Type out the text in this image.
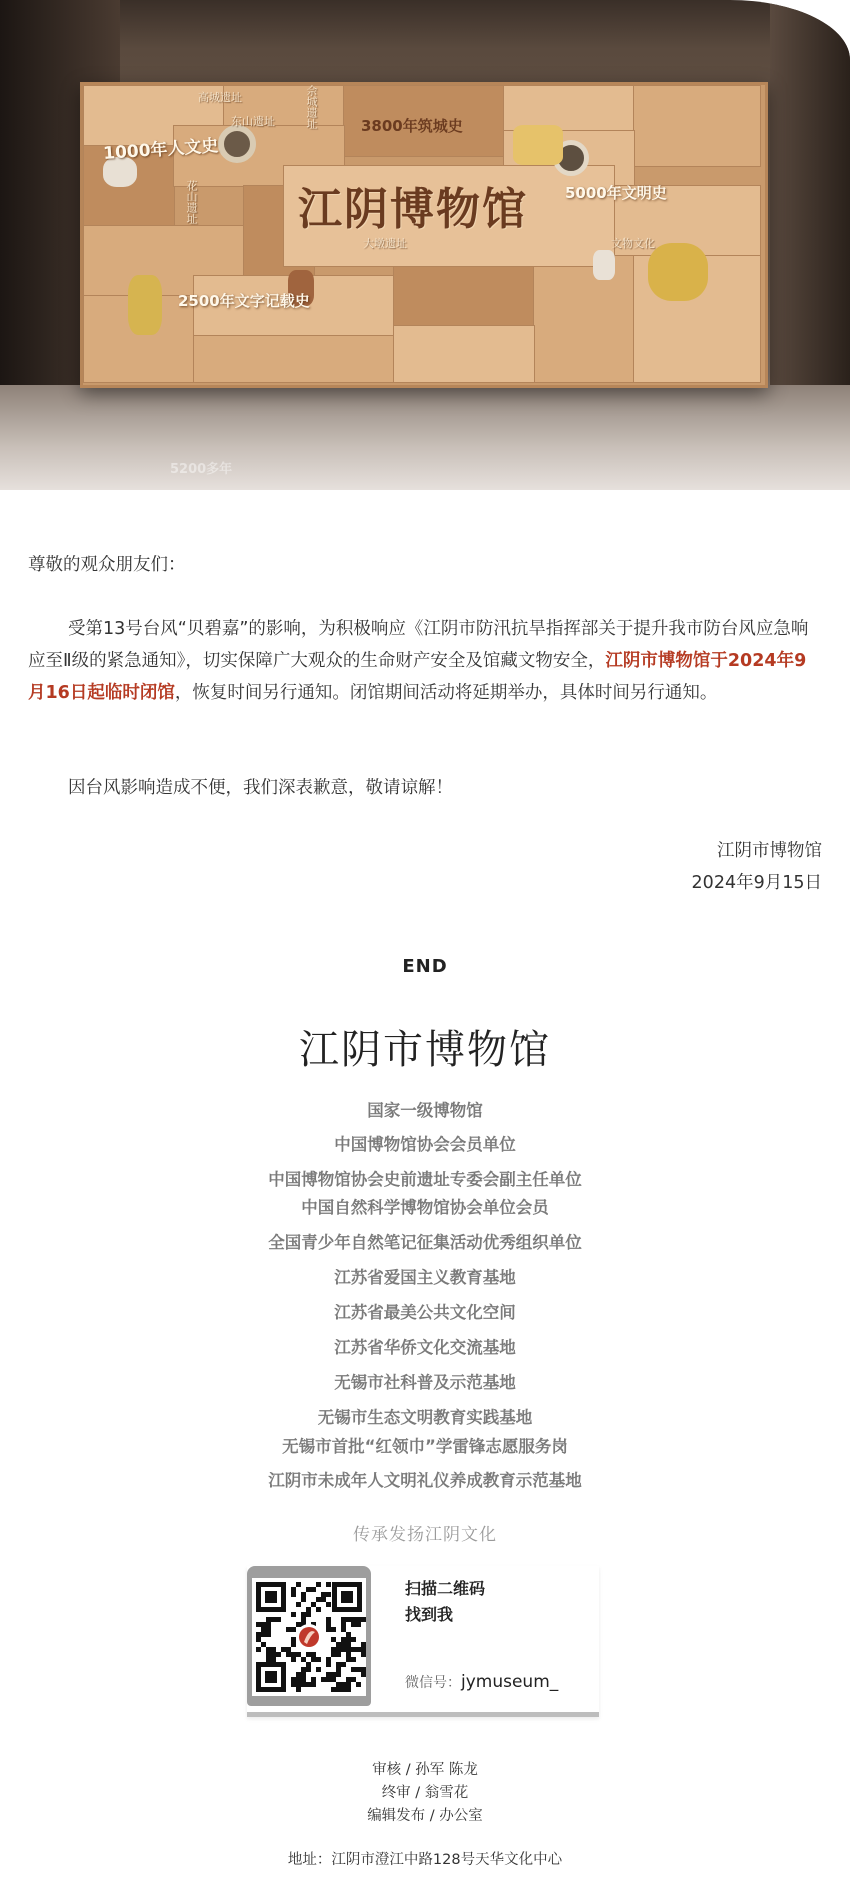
1000年人文史
3800年筑城史
5000年文明史
2500年文字记载史
江阴博物馆
高城遗址
东山遗址	佘城遗址
花山遗址
大墩遗址	文物文化
5200多年
尊敬的观众朋友们：
受第13号台风“贝碧嘉”的影响，为积极响应《江阴市防汛抗旱指挥部关于提升我市防台风应急响应至Ⅱ级的紧急通知》，切实保障广大观众的生命财产安全及馆藏文物安全，江阴市博物馆于2024年9月16日起临时闭馆，恢复时间另行通知。闭馆期间活动将延期举办，具体时间另行通知。
因台风影响造成不便，我们深表歉意，敬请谅解！
江阴市博物馆
2024年9月15日
END
江阴市博物馆
国家一级博物馆
中国博物馆协会会员单位
中国博物馆协会史前遗址专委会副主任单位
中国自然科学博物馆协会单位会员
全国青少年自然笔记征集活动优秀组织单位
江苏省爱国主义教育基地
江苏省最美公共文化空间
江苏省华侨文化交流基地
无锡市社科普及示范基地
无锡市生态文明教育实践基地
无锡市首批“红领巾”学雷锋志愿服务岗
江阴市未成年人文明礼仪养成教育示范基地
传承发扬江阴文化
扫描二维码
找到我
微信号：jymuseum_
审核 / 孙军 陈龙
终审 / 翁雪花
编辑发布 / 办公室
地址：江阴市澄江中路128号天华文化中心
